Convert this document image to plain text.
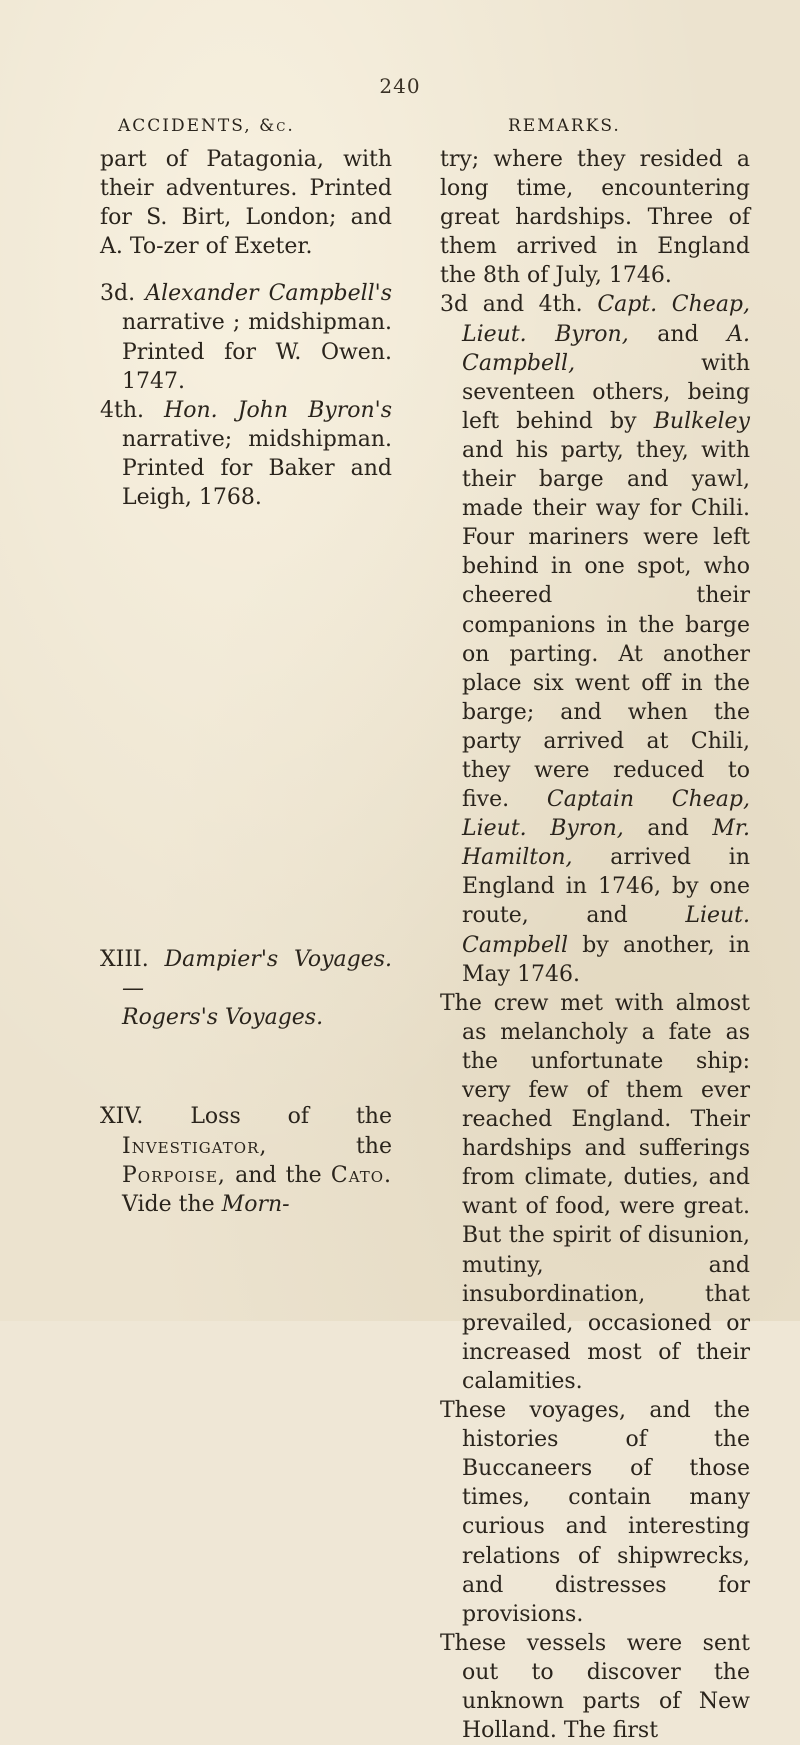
240
ACCIDENTS, &c.	REMARKS.

part of Patagonia, with their adventures. Printed for S. Birt, London; and A. To-zer of Exeter.

3d. Alexander Campbell's narrative ; midshipman. Printed for W. Owen. 1747.

4th. Hon. John Byron's narrative; midshipman. Printed for Baker and Leigh, 1768.

XIII. Dampier's Voyages.—
Rogers's Voyages.

XIV. Loss of the Investigator,	the Porpoise, and the Cato. Vide the Morn-

try; where they resided a long time, encountering great hardships. Three of them arrived in England the 8th of July, 1746.

3d and 4th. Capt. Cheap, Lieut. Byron, and A. Campbell,	with seventeen others, being left behind by Bulkeley and his party, they, with their barge and yawl, made their way for Chili. Four mariners were left behind in one spot, who cheered their companions in the barge on parting. At another place six went off in the barge; and when the party arrived at Chili, they were reduced to five. Captain Cheap, Lieut. Byron, and Mr. Hamilton, arrived in England in 1746, by one route, and	Lieut. Campbell by another, in May 1746.

The crew met with almost as melancholy a fate as the unfortunate ship: very few of them ever reached England. Their hardships and sufferings from climate, duties, and want of food, were great. But the spirit of disunion, mutiny, and insubordination, that prevailed, occasioned or increased most of their calamities.

These voyages, and the histories of the Buccaneers of those times, contain many curious and interesting relations of shipwrecks, and distresses for provisions.

These vessels were sent out to discover the unknown parts of New Holland. The first
